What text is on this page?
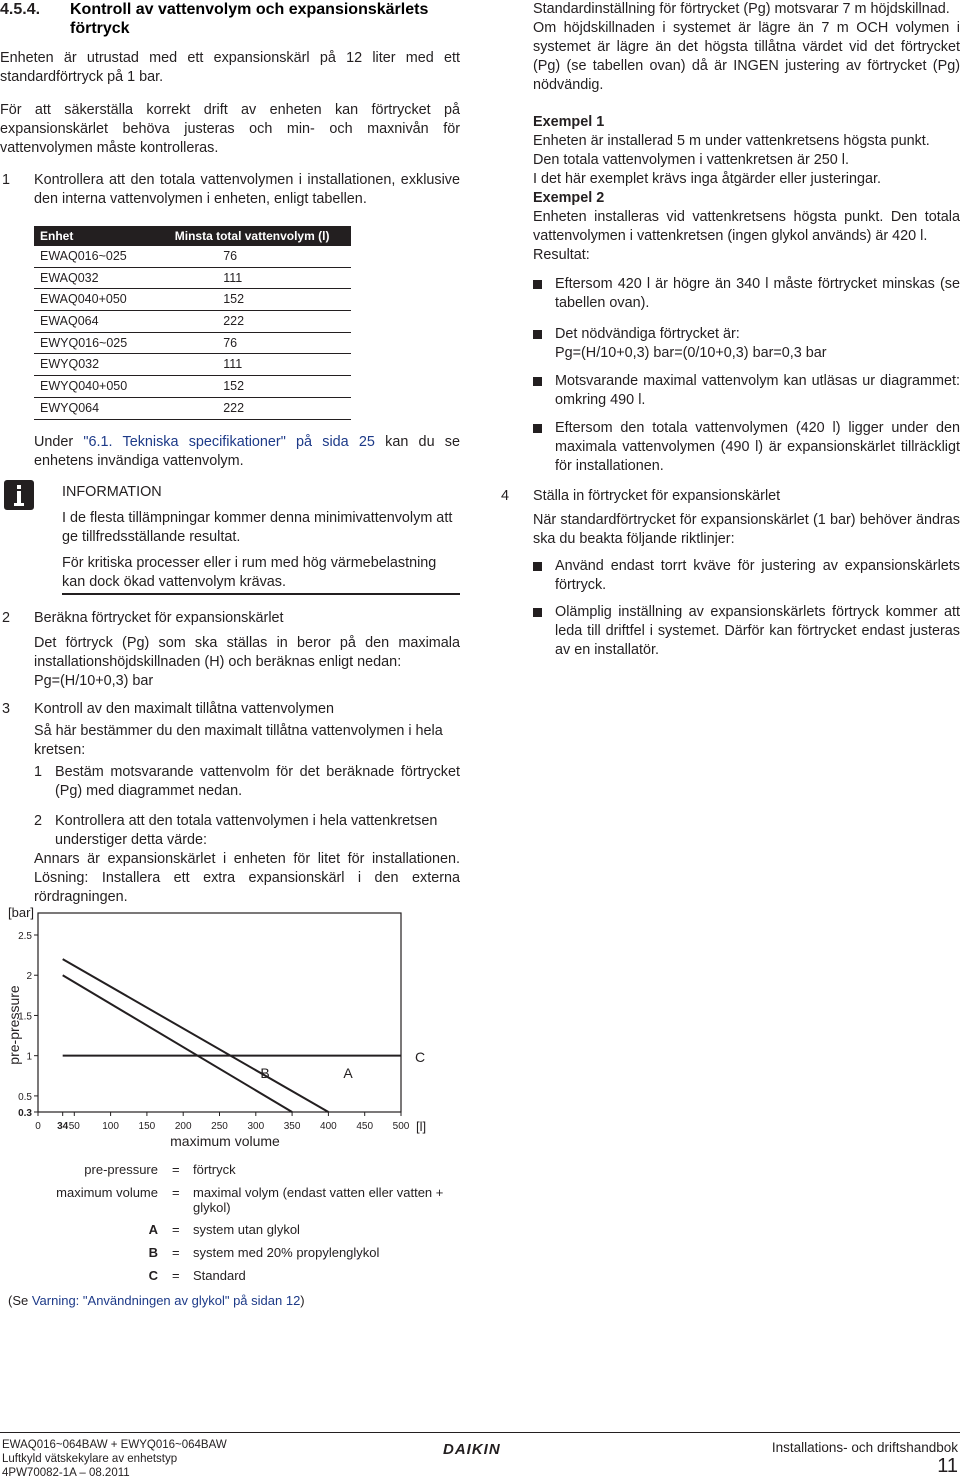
4.5.4. Kontroll av vattenvolym och expansionskärlets förtryck

Enheten är utrustad med ett expansionskärl på 12 liter med ett standardförtryck på 1 bar.

För att säkerställa korrekt drift av enheten kan förtrycket på expansionskärlet behöva justeras och min- och maxnivån för vattenvolymen måste kontrolleras.

1 Kontrollera att den totala vattenvolymen i installationen, exklusive den interna vattenvolymen i enheten, enligt tabellen.

Enhet	Minsta total vattenvolym (l)
EWAQ016~025	76
EWAQ032	111
EWAQ040+050	152
EWAQ064	222
EWYQ016~025	76
EWYQ032	111
EWYQ040+050	152
EWYQ064	222

Under "6.1. Tekniska specifikationer" på sida 25 kan du se enhetens invändiga vattenvolym.

INFORMATION

I de flesta tillämpningar kommer denna minimivattenvolym att ge tillfredsställande resultat.

För kritiska processer eller i rum med hög värmebelastning kan dock ökad vattenvolym krävas.

2 Beräkna förtrycket för expansionskärlet

Det förtryck (Pg) som ska ställas in beror på den maximala installationshöjdskillnaden (H) och beräknas enligt nedan:

Pg=(H/10+0,3) bar

3 Kontroll av den maximalt tillåtna vattenvolymen

Så här bestämmer du den maximalt tillåtna vattenvolymen i hela kretsen:

1 Bestäm motsvarande vattenvolm för det beräknade förtrycket (Pg) med diagrammet nedan.

2 Kontrollera att den totala vattenvolymen i hela vattenkretsen understiger detta värde:

Annars är expansionskärlet i enheten för litet för installationen. Lösning: Installera ett extra expansionskärl i den externa rördragningen.

[bar]
pre-pressure
maximum volume
[l]
0 34 50 100 150 200 250 300 350 400 450 500
0.3
0.5
1
1.5
2
2.5
A
B
C
pre-pressure = förtryck
maximum volume = maximal volym (endast vatten eller vatten + glykol)
A = system utan glykol
B = system med 20% propylenglykol
C = Standard

(Se Varning: "Användningen av glykol" på sidan 12)

Standardinställning för förtrycket (Pg) motsvarar 7 m höjdskillnad.

Om höjdskillnaden i systemet är lägre än 7 m OCH volymen i systemet är lägre än det högsta tillåtna värdet vid det förtrycket (Pg) (se tabellen ovan) då är INGEN justering av förtrycket (Pg) nödvändig.

Exempel 1

Enheten är installerad 5 m under vattenkretsens högsta punkt.

Den totala vattenvolymen i vattenkretsen är 250 l.

I det här exemplet krävs inga åtgärder eller justeringar.

Exempel 2

Enheten installeras vid vattenkretsens högsta punkt. Den totala vattenvolymen i vattenkretsen (ingen glykol används) är 420 l.

Resultat:

Eftersom 420 l är högre än 340 l måste förtrycket minskas (se tabellen ovan).

Det nödvändiga förtrycket är:

Pg=(H/10+0,3) bar=(0/10+0,3) bar=0,3 bar

Motsvarande maximal vattenvolym kan utläsas ur diagrammet: omkring 490 l.

Eftersom den totala vattenvolymen (420 l) ligger under den maximala vattenvolymen (490 l) är expansionskärlet tillräckligt för installationen.

4 Ställa in förtrycket för expansionskärlet

När standardförtrycket för expansionskärlet (1 bar) behöver ändras ska du beakta följande riktlinjer:

Använd endast torrt kväve för justering av expansionskärlets förtryck.

Olämplig inställning av expansionskärlets förtryck kommer att leda till driftfel i systemet. Därför kan förtrycket endast justeras av en installatör.

EWAQ016~064BAW + EWYQ016~064BAW
Luftkyld vätskekylare av enhetstyp
4PW70082-1A – 08.2011
DAIKIN	Installations- och driftshandbok
11
